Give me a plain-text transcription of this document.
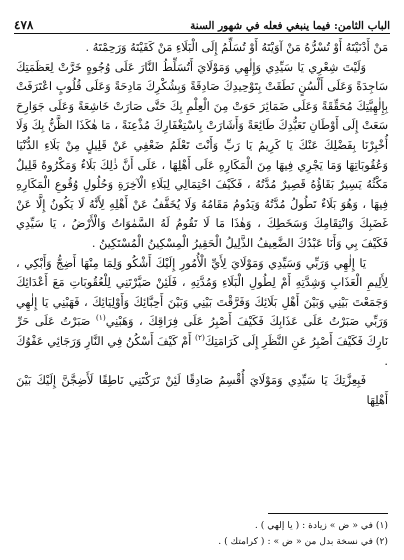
الباب الثامن: فيما ينبغي فعله في شهور السنة
٤٧٨

مَنْ أَدْنَيْتَهُ أَوْ تُسْرُّهُ مَنْ آوَيْتَهُ أَوْ تُسَلِّمُ إِلَى الْبَلَاءِ مَنْ كَفَيْتَهُ وَرَحِمْتَهُ .

وَلَيْتَ شِعْرِي يَا سَيِّدِي وَإِلٰهِي وَمَوْلَايَ أَتُسَلِّطُ النَّارَ عَلَى وُجُوهٍ خَرَّتْ لِعَظَمَتِكَ سَاجِدَةً وَعَلَى أَلْسُنٍ نَطَقَتْ بِتَوْحِيدِكَ صَادِقَةً وَبِشُكْرِكَ مَادِحَةً وَعَلَى قُلُوبٍ اعْتَرَفَتْ بِإِلٰهِيَّتِكَ مُحَقِّقَةً وَعَلَى ضَمَائِرَ حَوَتْ مِنَ الْعِلْمِ بِكَ حَتَّى صَارَتْ خَاشِعَةً وَعَلَى جَوَارِحَ سَعَتْ إِلَى أَوْطَانِ تَعَبُّدِكَ طَائِعَةً وَأَشَارَتْ بِاسْتِغْفَارِكَ مُذْعِنَةً ، مَا هٰكَذَا الظَّنُّ بِكَ وَلَا أُخْبِرْنَا بِفَضْلِكَ عَنْكَ يَا كَرِيمُ يَا رَبِّ وَأَنْتَ تَعْلَمُ ضَعْفِي عَنْ قَلِيلٍ مِنْ بَلَاءِ الدُّنْيَا وَعُقُوبَاتِهَا وَمَا يَجْرِي فِيهَا مِنَ الْمَكَارِهِ عَلَى أَهْلِهَا ، عَلَى أَنَّ ذٰلِكَ بَلَاءٌ وَمَكْرُوهٌ قَلِيلٌ مَكْثُهُ يَسِيرٌ بَقَاؤُهُ قَصِيرٌ مُدَّتُهُ ، فَكَيْفَ احْتِمَالِي لِبَلَاءِ الْآخِرَةِ وَحُلُولِ وُقُوعِ الْمَكَارِهِ فِيهَا ، وَهُوَ بَلَاءٌ تَطُولُ مُدَّتُهُ وَيَدُومُ مَقَامُهُ وَلَا يُخَفَّفُ عَنْ أَهْلِهِ لِأَنَّهُ لَا يَكُونُ إِلَّا عَنْ غَضَبِكَ وَانْتِقَامِكَ وَسَخَطِكَ ، وَهٰذَا مَا لَا تَقُومُ لَهُ السَّمٰوَاتُ وَالْأَرْضُ ، يَا سَيِّدِي فَكَيْفَ بِي وَأَنَا عَبْدُكَ الضَّعِيفُ الذَّلِيلُ الْحَقِيرُ الْمِسْكِينُ الْمُسْتَكِينُ .

يَا إِلٰهِي وَرَبِّي وَسَيِّدِي وَمَوْلَايَ لِأَيِّ الْأُمُورِ إِلَيْكَ أَشْكُو وَلِمَا مِنْهَا أَضِجُّ وَأَبْكِي ، لِأَلِيمِ الْعَذَابِ وَشِدَّتِهِ أَمْ لِطُولِ الْبَلَاءِ وَمُدَّتِهِ ، فَلَئِنْ صَيَّرْتَنِي لِلْعُقُوبَاتِ مَعَ أَعْدَائِكَ وَجَمَعْتَ بَيْنِي وَبَيْنَ أَهْلِ بَلَائِكَ وَفَرَّقْتَ بَيْنِي وَبَيْنَ أَحِبَّائِكَ وَأَوْلِيَائِكَ ، فَهَبْنِي يَا إِلٰهِي وَرَبِّي صَبَرْتُ عَلَى عَذَابِكَ فَكَيْفَ أَصْبِرُ عَلَى فِرَاقِكَ ، وَهَبْنِي$^{(١)}$ صَبَرْتُ عَلَى حَرِّ نَارِكَ فَكَيْفَ أَصْبِرُ عَنِ النَّظَرِ إِلَى كَرَامَتِكَ$^{(٢)}$ أَمْ كَيْفَ أَسْكُنُ فِي النَّارِ وَرَجَائِي عَفْوُكَ .

فَبِعِزَّتِكَ يَا سَيِّدِي وَمَوْلَايَ أُقْسِمُ صَادِقًا لَئِنْ تَرَكْتَنِي نَاطِقًا لَأَضِجَّنَّ إِلَيْكَ بَيْنَ أَهْلِهَا

(١) في « ض » زيادة : ( يا إلهي ) .

(٢) في نسخة بدل من « ض » : ( كرامتك ) .
